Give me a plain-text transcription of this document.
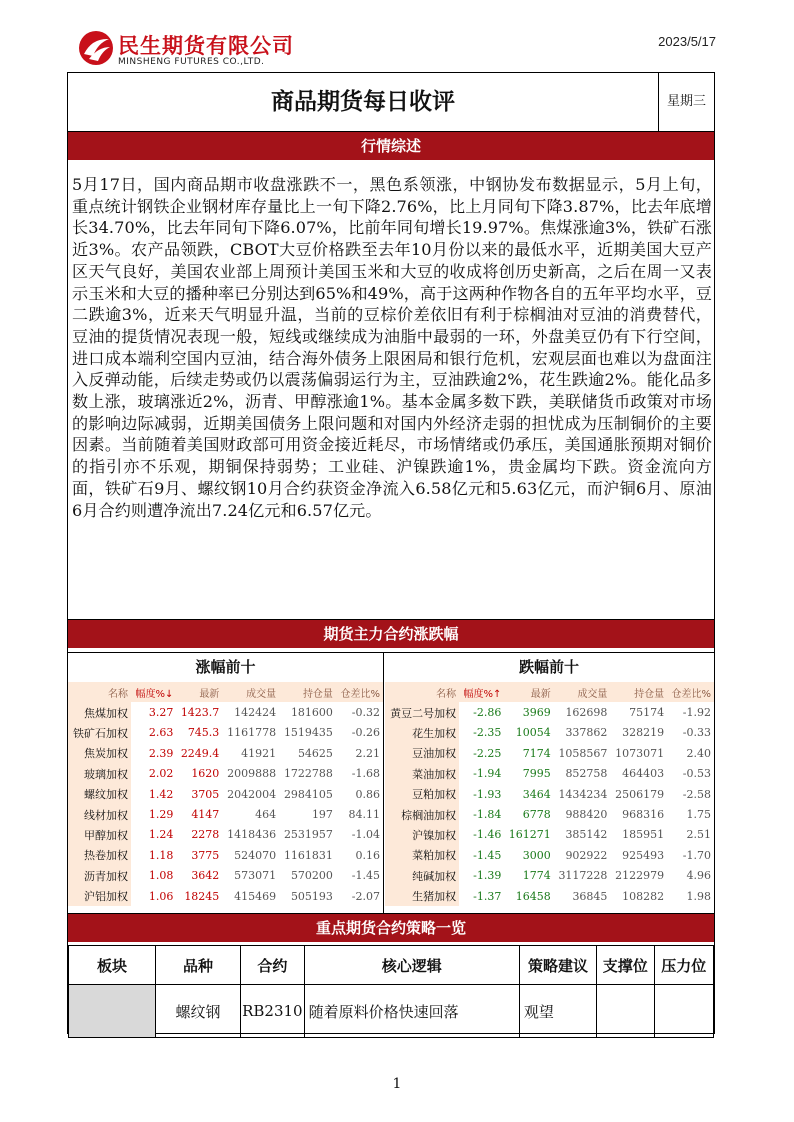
民生期货有限公司
MINSHENG FUTURES CO.,LTD.
2023/5/17
商品期货每日收评	星期三
行情综述
5月17日，国内商品期市收盘涨跌不一，黑色系领涨，中钢协发布数据显示，5月上旬，重点统计钢铁企业钢材库存量比上一旬下降2.76%，比上月同旬下降3.87%，比去年底增长34.70%，比去年同旬下降6.07%，比前年同旬增长19.97%。焦煤涨逾3%，铁矿石涨近3%。农产品领跌，CBOT大豆价格跌至去年10月份以来的最低水平，近期美国大豆产区天气良好，美国农业部上周预计美国玉米和大豆的收成将创历史新高，之后在周一又表示玉米和大豆的播种率已分别达到65%和49%，高于这两种作物各自的五年平均水平，豆二跌逾3%，近来天气明显升温，当前的豆棕价差依旧有利于棕榈油对豆油的消费替代，豆油的提货情况表现一般，短线或继续成为油脂中最弱的一环，外盘美豆仍有下行空间，进口成本端利空国内豆油，结合海外债务上限困局和银行危机，宏观层面也难以为盘面注入反弹动能，后续走势或仍以震荡偏弱运行为主，豆油跌逾2%，花生跌逾2%。能化品多数上涨，玻璃涨近2%，沥青、甲醇涨逾1%。基本金属多数下跌，美联储货币政策对市场的影响边际减弱，近期美国债务上限问题和对国内外经济走弱的担忧成为压制铜价的主要因素。当前随着美国财政部可用资金接近耗尽，市场情绪或仍承压，美国通胀预期对铜价的指引亦不乐观，期铜保持弱势；工业硅、沪镍跌逾1%，贵金属均下跌。资金流向方面，铁矿石9月、螺纹钢10月合约获资金净流入6.58亿元和5.63亿元，而沪铜6月、原油6月合约则遭净流出7.24亿元和6.57亿元。
期货主力合约涨跌幅
涨幅前十	跌幅前十
名称	幅度%↓	最新	成交量	持仓量	仓差比%
焦煤加权	3.27	1423.7	142424	181600	-0.32
铁矿石加权	2.63	745.3	1161778	1519435	-0.26
焦炭加权	2.39	2249.4	41921	54625	2.21
玻璃加权	2.02	1620	2009888	1722788	-1.68
螺纹加权	1.42	3705	2042004	2984105	0.86
线材加权	1.29	4147	464	197	84.11
甲醇加权	1.24	2278	1418436	2531957	-1.04
热卷加权	1.18	3775	524070	1161831	0.16
沥青加权	1.08	3642	573071	570200	-1.45
沪铝加权	1.06	18245	415469	505193	-2.07
名称	幅度%↑	最新	成交量	持仓量	仓差比%
黄豆二号加权	-2.86	3969	162698	75174	-1.92
花生加权	-2.35	10054	337862	328219	-0.33
豆油加权	-2.25	7174	1058567	1073071	2.40
菜油加权	-1.94	7995	852758	464403	-0.53
豆粕加权	-1.93	3464	1434234	2506179	-2.58
棕榈油加权	-1.84	6778	988420	968316	1.75
沪镍加权	-1.46	161271	385142	185951	2.51
菜粕加权	-1.45	3000	902922	925493	-1.70
纯碱加权	-1.39	1774	3117228	2122979	4.96
生猪加权	-1.37	16458	36845	108282	1.98
重点期货合约策略一览
板块	品种	合约	核心逻辑	策略建议	支撑位	压力位
	螺纹钢	RB2310	随着原料价格快速回落	观望		
1
